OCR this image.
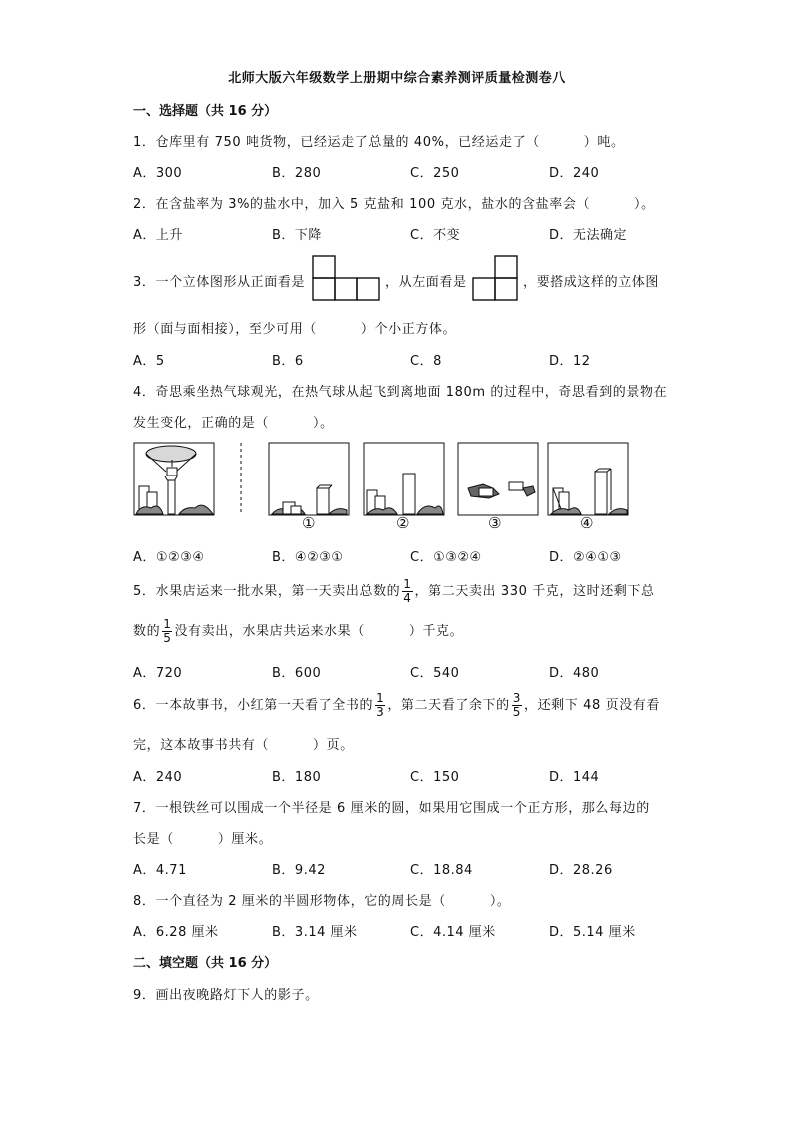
北师大版六年级数学上册期中综合素养测评质量检测卷八
一、选择题（共 16 分）
1．仓库里有 750 吨货物，已经运走了总量的 40%，已经运走了（	）吨。
A．300	B．280	C．250	D．240
2．在含盐率为 3%的盐水中，加入 5 克盐和 100 克水，盐水的含盐率会（	）。
A．上升	B．下降	C．不变	D．无法确定
3．一个立体图形从正面看是	，从左面看是	，要搭成这样的立体图
形（面与面相接），至少可用（	）个小正方体。
A．5	B．6	C．8	D．12
4．奇思乘坐热气球观光，在热气球从起飞到离地面 180m 的过程中，奇思看到的景物在
发生变化，正确的是（	）。
①	②	③	④
A．①②③④	B．④②③①	C．①③②④	D．②④①③
5．水果店运来一批水果，第一天卖出总数的 $\frac{1}{4}$ ，第二天卖出 330 千克，这时还剩下总
数的 $\frac{1}{5}$ 没有卖出，水果店共运来水果（	）千克。
A．720	B．600	C．540	D．480
6．一本故事书，小红第一天看了全书的 $\frac{1}{3}$ ，第二天看了余下的 $\frac{3}{5}$ ，还剩下 48 页没有看
完，这本故事书共有（	）页。
A．240	B．180	C．150	D．144
7．一根铁丝可以围成一个半径是 6 厘米的圆，如果用它围成一个正方形，那么每边的
长是（	）厘米。
A．4.71	B．9.42	C．18.84	D．28.26
8．一个直径为 2 厘米的半圆形物体，它的周长是（	）。
A．6.28 厘米	B．3.14 厘米	C．4.14 厘米	D．5.14 厘米
二、填空题（共 16 分）
9．画出夜晚路灯下人的影子。
